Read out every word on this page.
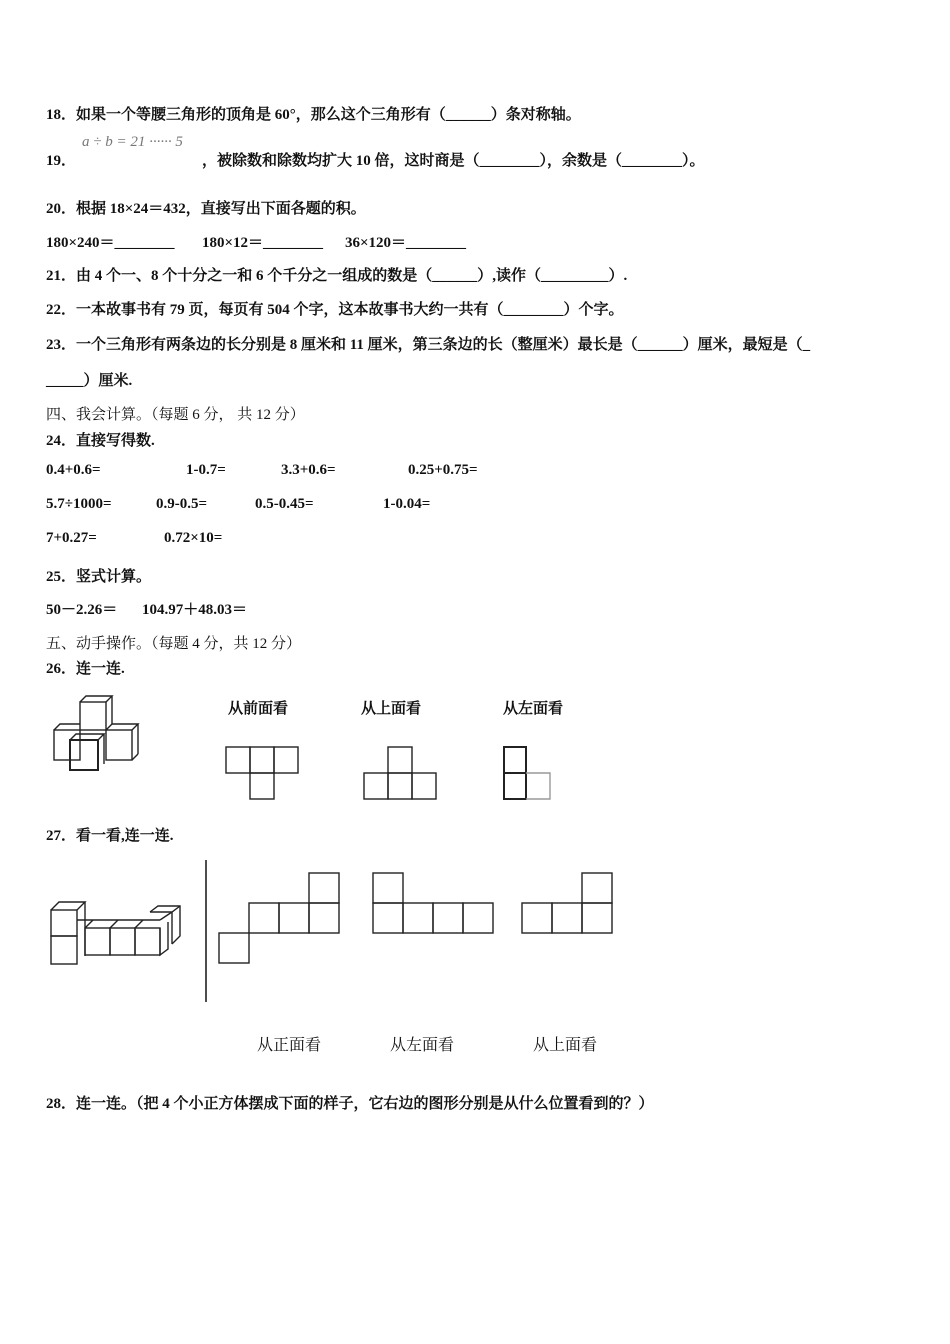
18．如果一个等腰三角形的顶角是 60°，那么这个三角形有（______）条对称轴。
a ÷ b = 21 ······ 5
19．	，被除数和除数均扩大 10 倍，这时商是（________），余数是（________）。
20．根据 18×24＝432，直接写出下面各题的积。
180×240＝________ 180×12＝________ 36×120＝________
21．由 4 个一、8 个十分之一和 6 个千分之一组成的数是（______）,读作（_________）.
22．一本故事书有 79 页，每页有 504 个字，这本故事书大约一共有（________）个字。
23．一个三角形有两条边的长分别是 8 厘米和 11 厘米，第三条边的长（整厘米）最长是（______）厘米，最短是（_
_____）厘米.
四、我会计算。（每题 6 分， 共 12 分）
24．直接写得数.
0.4+0.6=	1-0.7=	3.3+0.6=	0.25+0.75=
5.7÷1000=	0.9-0.5=	0.5-0.45=	1-0.04=
7+0.27=	0.72×10=
25．竖式计算。
50－2.26＝ 104.97＋48.03＝
五、动手操作。（每题 4 分，共 12 分）
26．连一连.
从前面看	从上面看	从左面看
27．看一看,连一连.
从正面看	从左面看	从上面看
28．连一连。（把 4 个小正方体摆成下面的样子，它右边的图形分别是从什么位置看到的？）
